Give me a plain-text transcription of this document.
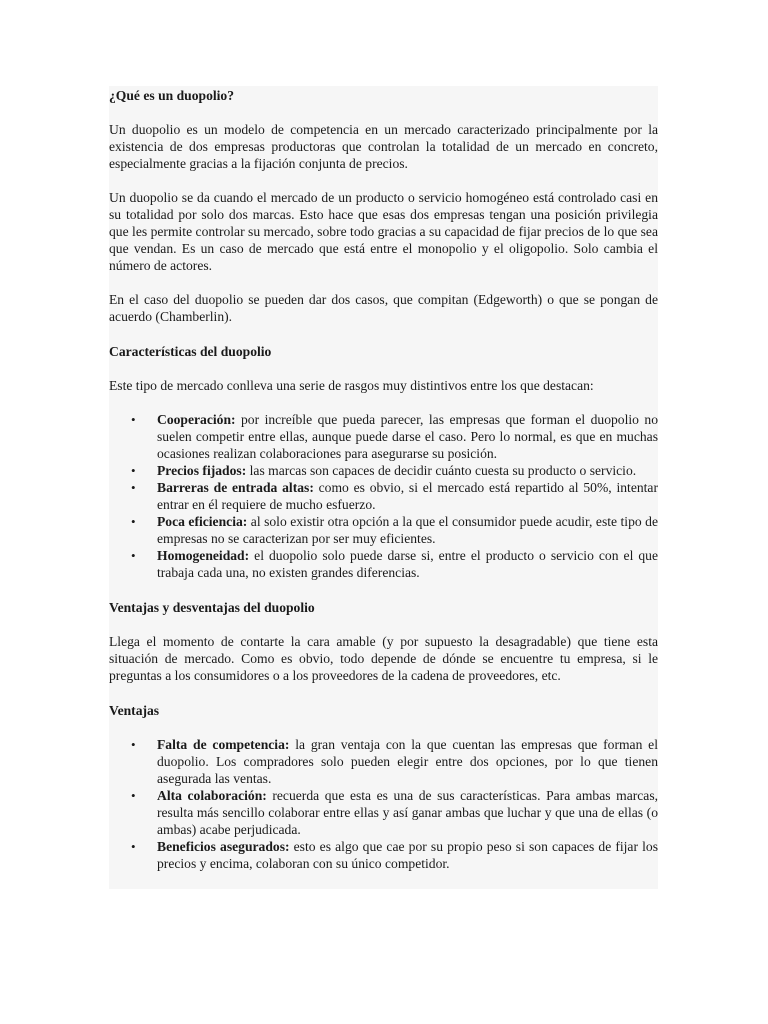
¿Qué es un duopolio?

Un duopolio es un modelo de competencia en un mercado caracterizado principalmente por la existencia de dos empresas productoras que controlan la totalidad de un mercado en concreto, especialmente gracias a la fijación conjunta de precios.

Un duopolio se da cuando el mercado de un producto o servicio homogéneo está controlado casi en su totalidad por solo dos marcas. Esto hace que esas dos empresas tengan una posición privilegia que les permite controlar su mercado, sobre todo gracias a su capacidad de fijar precios de lo que sea que vendan. Es un caso de mercado que está entre el monopolio y el oligopolio. Solo cambia el número de actores.

En el caso del duopolio se pueden dar dos casos, que compitan (Edgeworth) o que se pongan de acuerdo (Chamberlin).

Características del duopolio

Este tipo de mercado conlleva una serie de rasgos muy distintivos entre los que destacan:

• Cooperación: por increíble que pueda parecer, las empresas que forman el duopolio no suelen competir entre ellas, aunque puede darse el caso. Pero lo normal, es que en muchas ocasiones realizan colaboraciones para asegurarse su posición.
• Precios fijados: las marcas son capaces de decidir cuánto cuesta su producto o servicio.
• Barreras de entrada altas: como es obvio, si el mercado está repartido al 50%, intentar entrar en él requiere de mucho esfuerzo.
• Poca eficiencia: al solo existir otra opción a la que el consumidor puede acudir, este tipo de empresas no se caracterizan por ser muy eficientes.
• Homogeneidad: el duopolio solo puede darse si, entre el producto o servicio con el que trabaja cada una, no existen grandes diferencias.
Ventajas y desventajas del duopolio

Llega el momento de contarte la cara amable (y por supuesto la desagradable) que tiene esta situación de mercado. Como es obvio, todo depende de dónde se encuentre tu empresa, si le preguntas a los consumidores o a los proveedores de la cadena de proveedores, etc.

Ventajas
• Falta de competencia: la gran ventaja con la que cuentan las empresas que forman el duopolio. Los compradores solo pueden elegir entre dos opciones, por lo que tienen asegurada las ventas.
• Alta colaboración: recuerda que esta es una de sus características. Para ambas marcas, resulta más sencillo colaborar entre ellas y así ganar ambas que luchar y que una de ellas (o ambas) acabe perjudicada.
• Beneficios asegurados: esto es algo que cae por su propio peso si son capaces de fijar los precios y encima, colaboran con su único competidor.
